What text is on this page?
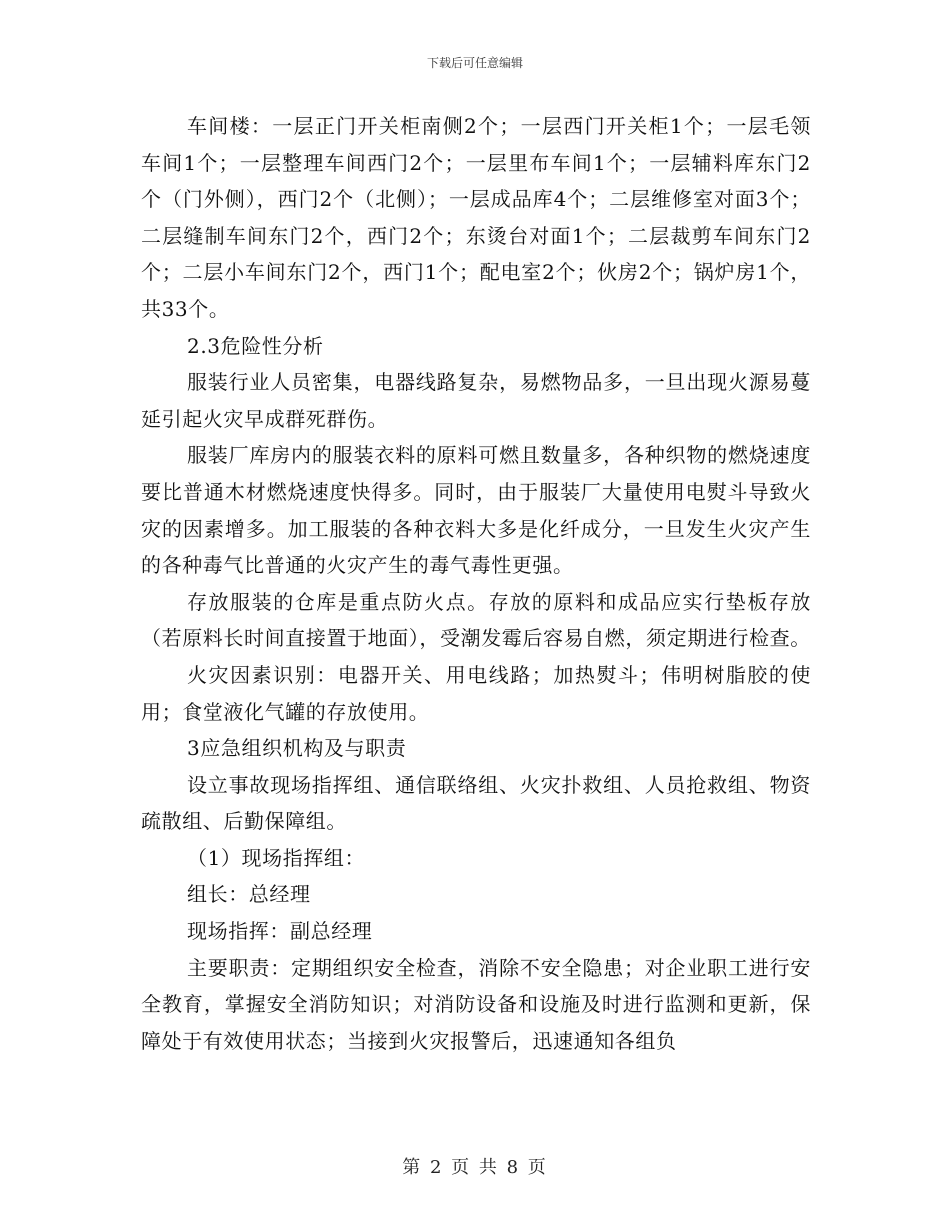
下载后可任意编辑

车间楼：一层正门开关柜南侧2个；一层西门开关柜1个；一层毛领车间1个；一层整理车间西门2个；一层里布车间1个；一层辅料库东门2个（门外侧），西门2个（北侧）；一层成品库4个；二层维修室对面3个；二层缝制车间东门2个，西门2个；东烫台对面1个；二层裁剪车间东门2个；二层小车间东门2个，西门1个；配电室2个；伙房2个；锅炉房1个，共33个。

2.3危险性分析

服装行业人员密集，电器线路复杂，易燃物品多，一旦出现火源易蔓延引起火灾早成群死群伤。

服装厂库房内的服装衣料的原料可燃且数量多，各种织物的燃烧速度要比普通木材燃烧速度快得多。同时，由于服装厂大量使用电熨斗导致火灾的因素增多。加工服装的各种衣料大多是化纤成分，一旦发生火灾产生的各种毒气比普通的火灾产生的毒气毒性更强。

存放服装的仓库是重点防火点。存放的原料和成品应实行垫板存放（若原料长时间直接置于地面），受潮发霉后容易自燃，须定期进行检查。

火灾因素识别：电器开关、用电线路；加热熨斗；伟明树脂胶的使用；食堂液化气罐的存放使用。

3应急组织机构及与职责

设立事故现场指挥组、通信联络组、火灾扑救组、人员抢救组、物资疏散组、后勤保障组。

（1）现场指挥组：

组长：总经理

现场指挥：副总经理

主要职责：定期组织安全检查，消除不安全隐患；对企业职工进行安全教育，掌握安全消防知识；对消防设备和设施及时进行监测和更新，保障处于有效使用状态；当接到火灾报警后，迅速通知各组负

第 2 页 共 8 页
